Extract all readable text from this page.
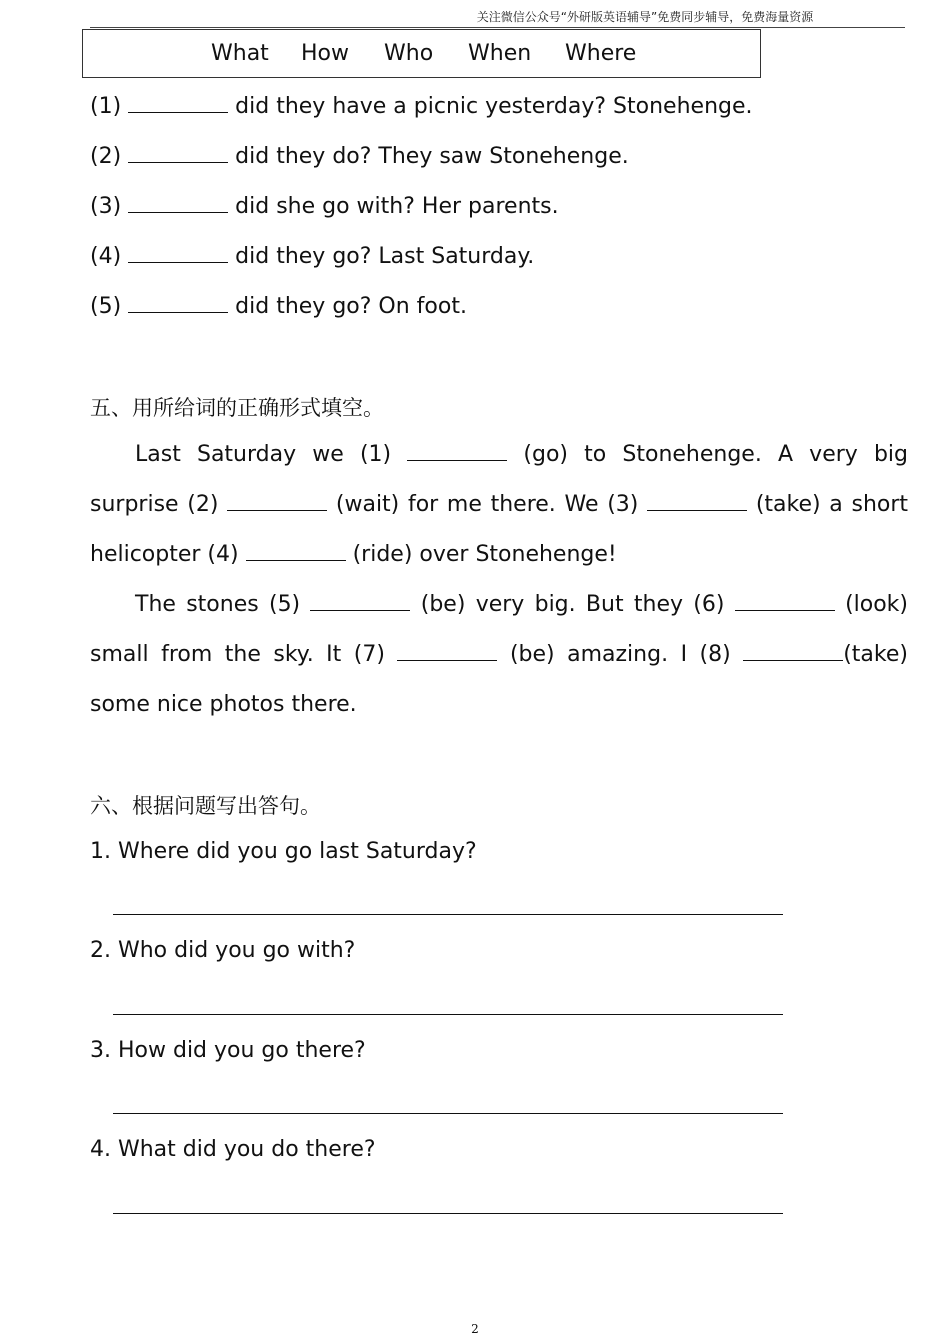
关注微信公众号“外研版英语辅导”免费同步辅导，免费海量资源
What How Who When Where
(1)	did they have a picnic yesterday? Stonehenge.
(2)	did they do? They saw Stonehenge.
(3)	did she go with? Her parents.
(4)	did they go? Last Saturday.
(5)	did they go? On foot.
五、用所给词的正确形式填空。
Last Saturday we (1)	(go) to Stonehenge. A very big surprise (2)	(wait) for me there. We (3)	(take) a short helicopter (4)	(ride) over Stonehenge!
The stones (5)	(be) very big. But they (6)	(look) small from the sky. It (7)	(be) amazing. I (8)	(take) some nice photos there.
六、根据问题写出答句。
1. Where did you go last Saturday?
2. Who did you go with?
3. How did you go there?
4. What did you do there?
2
